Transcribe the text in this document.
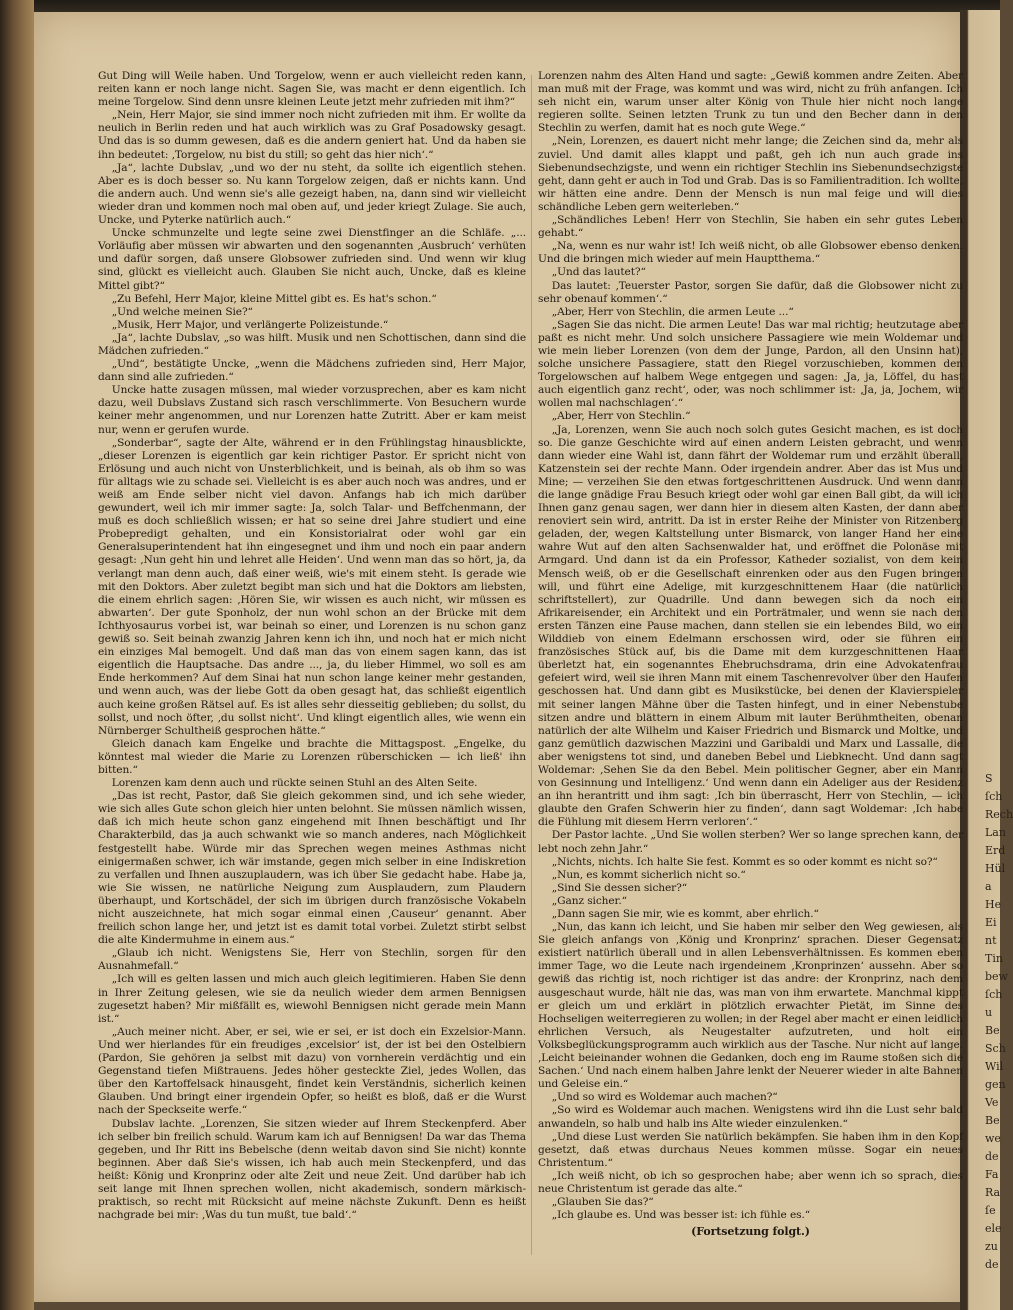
S
ſch
Rech
Lan
Erd
Hül
a
He
Ei
nt
Tin
bew
ſch
u
Be
Sch
Wil
gen
Ve
Be
we
de
Fa
Ra
ſe
ele
zu
de

Gut Ding will Weile haben. Und Torgelow, wenn er auch vielleicht reden kann, reiten kann er noch lange nicht. Sagen Sie, was macht er denn eigentlich. Ich meine Torgelow. Sind denn unsre kleinen Leute jetzt mehr zufrieden mit ihm?“

„Nein, Herr Major, sie sind immer noch nicht zufrieden mit ihm. Er wollte da neulich in Berlin reden und hat auch wirklich was zu Graf Posadowsky gesagt. Und das is so dumm gewesen, daß es die andern geniert hat. Und da haben sie ihn bedeutet: ‚Torgelow, nu bist du still; so geht das hier nich‘.“

„Ja“, lachte Dubslav, „und wo der nu steht, da sollte ich eigentlich stehen. Aber es is doch besser so. Nu kann Torgelow zeigen, daß er nichts kann. Und die andern auch. Und wenn sie's alle gezeigt haben, na, dann sind wir vielleicht wieder dran und kommen noch mal oben auf, und jeder kriegt Zulage. Sie auch, Uncke, und Pyterke natürlich auch.“

Uncke schmunzelte und legte seine zwei Dienstfinger an die Schläfe. „... Vorläufig aber müssen wir abwarten und den sogenannten ‚Ausbruch‘ verhüten und dafür sorgen, daß unsere Globsower zufrieden sind. Und wenn wir klug sind, glückt es vielleicht auch. Glauben Sie nicht auch, Uncke, daß es kleine Mittel gibt?“

„Zu Befehl, Herr Major, kleine Mittel gibt es. Es hat's schon.“

„Und welche meinen Sie?“

„Musik, Herr Major, und verlängerte Polizeistunde.“

„Ja“, lachte Dubslav, „so was hilft. Musik und nen Schottischen, dann sind die Mädchen zufrieden.“

„Und“, bestätigte Uncke, „wenn die Mädchens zufrieden sind, Herr Major, dann sind alle zufrieden.“

Uncke hatte zusagen müssen, mal wieder vorzusprechen, aber es kam nicht dazu, weil Dubslavs Zustand sich rasch verschlimmerte. Von Besuchern wurde keiner mehr angenommen, und nur Lorenzen hatte Zutritt. Aber er kam meist nur, wenn er gerufen wurde.

„Sonderbar“, sagte der Alte, während er in den Frühlingstag hinausblickte, „dieser Lorenzen is eigentlich gar kein richtiger Pastor. Er spricht nicht von Erlösung und auch nicht von Unsterblichkeit, und is beinah, als ob ihm so was für alltags wie zu schade sei. Vielleicht is es aber auch noch was andres, und er weiß am Ende selber nicht viel davon. Anfangs hab ich mich darüber gewundert, weil ich mir immer sagte: Ja, solch Talar- und Beffchenmann, der muß es doch schließlich wissen; er hat so seine drei Jahre studiert und eine Probepredigt gehalten, und ein Konsistorialrat oder wohl gar ein Generalsuperintendent hat ihn eingesegnet und ihm und noch ein paar andern gesagt: ‚Nun geht hin und lehret alle Heiden‘. Und wenn man das so hört, ja, da verlangt man denn auch, daß einer weiß, wie's mit einem steht. Is gerade wie mit den Doktors. Aber zuletzt begibt man sich und hat die Doktors am liebsten, die einem ehrlich sagen: ‚Hören Sie, wir wissen es auch nicht, wir müssen es abwarten‘. Der gute Sponholz, der nun wohl schon an der Brücke mit dem Ichthyosaurus vorbei ist, war beinah so einer, und Lorenzen is nu schon ganz gewiß so. Seit beinah zwanzig Jahren kenn ich ihn, und noch hat er mich nicht ein einziges Mal bemogelt. Und daß man das von einem sagen kann, das ist eigentlich die Hauptsache. Das andre ..., ja, du lieber Himmel, wo soll es am Ende herkommen? Auf dem Sinai hat nun schon lange keiner mehr gestanden, und wenn auch, was der liebe Gott da oben gesagt hat, das schließt eigentlich auch keine großen Rätsel auf. Es ist alles sehr diesseitig geblieben; du sollst, du sollst, und noch öfter, ‚du sollst nicht‘. Und klingt eigentlich alles, wie wenn ein Nürnberger Schultheiß gesprochen hätte.“

Gleich danach kam Engelke und brachte die Mittagspost. „Engelke, du könntest mal wieder die Marie zu Lorenzen rüberschicken — ich ließ' ihn bitten.“

Lorenzen kam denn auch und rückte seinen Stuhl an des Alten Seite.

„Das ist recht, Pastor, daß Sie gleich gekommen sind, und ich sehe wieder, wie sich alles Gute schon gleich hier unten belohnt. Sie müssen nämlich wissen, daß ich mich heute schon ganz eingehend mit Ihnen beschäftigt und Ihr Charakterbild, das ja auch schwankt wie so manch anderes, nach Möglichkeit festgestellt habe. Würde mir das Sprechen wegen meines Asthmas nicht einigermaßen schwer, ich wär imstande, gegen mich selber in eine Indiskretion zu verfallen und Ihnen auszuplaudern, was ich über Sie gedacht habe. Habe ja, wie Sie wissen, ne natürliche Neigung zum Ausplaudern, zum Plaudern überhaupt, und Kortschädel, der sich im übrigen durch französische Vokabeln nicht auszeichnete, hat mich sogar einmal einen ‚Causeur‘ genannt. Aber freilich schon lange her, und jetzt ist es damit total vorbei. Zuletzt stirbt selbst die alte Kindermuhme in einem aus.“

„Glaub ich nicht. Wenigstens Sie, Herr von Stechlin, sorgen für den Ausnahmefall.“

„Ich will es gelten lassen und mich auch gleich legitimieren. Haben Sie denn in Ihrer Zeitung gelesen, wie sie da neulich wieder dem armen Bennigsen zugesetzt haben? Mir mißfällt es, wiewohl Bennigsen nicht gerade mein Mann ist.“

„Auch meiner nicht. Aber, er sei, wie er sei, er ist doch ein Exzelsior-Mann. Und wer hierlandes für ein freudiges ‚excelsior‘ ist, der ist bei den Ostelbiern (Pardon, Sie gehören ja selbst mit dazu) von vornherein verdächtig und ein Gegenstand tiefen Mißtrauens. Jedes höher gesteckte Ziel, jedes Wollen, das über den Kartoffelsack hinausgeht, findet kein Verständnis, sicherlich keinen Glauben. Und bringt einer irgendein Opfer, so heißt es bloß, daß er die Wurst nach der Speckseite werfe.“

Dubslav lachte. „Lorenzen, Sie sitzen wieder auf Ihrem Steckenpferd. Aber ich selber bin freilich schuld. Warum kam ich auf Bennigsen! Da war das Thema gegeben, und Ihr Ritt ins Bebelsche (denn weitab davon sind Sie nicht) konnte beginnen. Aber daß Sie's wissen, ich hab auch mein Steckenpferd, und das heißt: König und Kronprinz oder alte Zeit und neue Zeit. Und darüber hab ich seit lange mit Ihnen sprechen wollen, nicht akademisch, sondern märkisch-praktisch, so recht mit Rücksicht auf meine nächste Zukunft. Denn es heißt nachgrade bei mir: ‚Was du tun mußt, tue bald‘.“

Lorenzen nahm des Alten Hand und sagte: „Gewiß kommen andre Zeiten. Aber man muß mit der Frage, was kommt und was wird, nicht zu früh anfangen. Ich seh nicht ein, warum unser alter König von Thule hier nicht noch lange regieren sollte. Seinen letzten Trunk zu tun und den Becher dann in den Stechlin zu werfen, damit hat es noch gute Wege.“

„Nein, Lorenzen, es dauert nicht mehr lange; die Zeichen sind da, mehr als zuviel. Und damit alles klappt und paßt, geh ich nun auch grade ins Siebenundsechzigste, und wenn ein richtiger Stechlin ins Siebenundsechzigste geht, dann geht er auch in Tod und Grab. Das is so Familientradition. Ich wollte, wir hätten eine andre. Denn der Mensch is nun mal feige und will dies schändliche Leben gern weiterleben.“

„Schändliches Leben! Herr von Stechlin, Sie haben ein sehr gutes Leben gehabt.“

„Na, wenn es nur wahr ist! Ich weiß nicht, ob alle Globsower ebenso denken. Und die bringen mich wieder auf mein Hauptthema.“

„Und das lautet?“

Das lautet: ‚Teuerster Pastor, sorgen Sie dafür, daß die Globsower nicht zu sehr obenauf kommen‘.“

„Aber, Herr von Stechlin, die armen Leute ...“

„Sagen Sie das nicht. Die armen Leute! Das war mal richtig; heutzutage aber paßt es nicht mehr. Und solch unsichere Passagiere wie mein Woldemar und wie mein lieber Lorenzen (von dem der Junge, Pardon, all den Unsinn hat), solche unsichere Passagiere, statt den Riegel vorzuschieben, kommen den Torgelowschen auf halbem Wege entgegen und sagen: ‚Ja, ja, Löffel, du hast auch eigentlich ganz recht‘, oder, was noch schlimmer ist: ‚Ja, ja, Jochem, wir wollen mal nachschlagen‘.“

„Aber, Herr von Stechlin.“

„Ja, Lorenzen, wenn Sie auch noch solch gutes Gesicht machen, es ist doch so. Die ganze Geschichte wird auf einen andern Leisten gebracht, und wenn dann wieder eine Wahl ist, dann fährt der Woldemar rum und erzählt überall, Katzenstein sei der rechte Mann. Oder irgendein andrer. Aber das ist Mus und Mine; — verzeihen Sie den etwas fortgeschrittenen Ausdruck. Und wenn dann die lange gnädige Frau Besuch kriegt oder wohl gar einen Ball gibt, da will ich Ihnen ganz genau sagen, wer dann hier in diesem alten Kasten, der dann aber renoviert sein wird, antritt. Da ist in erster Reihe der Minister von Ritzenberg geladen, der, wegen Kaltstellung unter Bismarck, von langer Hand her eine wahre Wut auf den alten Sachsenwalder hat, und eröffnet die Polonäse mit Armgard. Und dann ist da ein Professor, Katheder sozialist, von dem kein Mensch weiß, ob er die Gesellschaft einrenken oder aus den Fugen bringen will, und führt eine Adelige, mit kurzgeschnittenem Haar (die natürlich schriftstellert), zur Quadrille. Und dann bewegen sich da noch ein Afrikareisender, ein Architekt und ein Porträtmaler, und wenn sie nach den ersten Tänzen eine Pause machen, dann stellen sie ein lebendes Bild, wo ein Wilddieb von einem Edelmann erschossen wird, oder sie führen ein französisches Stück auf, bis die Dame mit dem kurzgeschnittenen Haar überletzt hat, ein sogenanntes Ehebruchsdrama, drin eine Advokatenfrau gefeiert wird, weil sie ihren Mann mit einem Taschenrevolver über den Haufen geschossen hat. Und dann gibt es Musikstücke, bei denen der Klavierspieler mit seiner langen Mähne über die Tasten hinfegt, und in einer Nebenstube sitzen andre und blättern in einem Album mit lauter Berühmtheiten, obenan natürlich der alte Wilhelm und Kaiser Friedrich und Bismarck und Moltke, und ganz gemütlich dazwischen Mazzini und Garibaldi und Marx und Lassalle, die aber wenigstens tot sind, und daneben Bebel und Liebknecht. Und dann sagt Woldemar: ‚Sehen Sie da den Bebel. Mein politischer Gegner, aber ein Mann von Gesinnung und Intelligenz.‘ Und wenn dann ein Adeliger aus der Residenz an ihn herantritt und ihm sagt: ‚Ich bin überrascht, Herr von Stechlin, — ich glaubte den Grafen Schwerin hier zu finden‘, dann sagt Woldemar: ‚Ich habe die Fühlung mit diesem Herrn verloren‘.“

Der Pastor lachte. „Und Sie wollen sterben? Wer so lange sprechen kann, der lebt noch zehn Jahr.“

„Nichts, nichts. Ich halte Sie fest. Kommt es so oder kommt es nicht so?“

„Nun, es kommt sicherlich nicht so.“

„Sind Sie dessen sicher?“

„Ganz sicher.“

„Dann sagen Sie mir, wie es kommt, aber ehrlich.“

„Nun, das kann ich leicht, und Sie haben mir selber den Weg gewiesen, als Sie gleich anfangs von ‚König und Kronprinz‘ sprachen. Dieser Gegensatz existiert natürlich überall und in allen Lebensverhältnissen. Es kommen eben immer Tage, wo die Leute nach irgendeinem ‚Kronprinzen‘ aussehn. Aber so gewiß das richtig ist, noch richtiger ist das andre: der Kronprinz, nach dem ausgeschaut wurde, hält nie das, was man von ihm erwartete. Manchmal kippt er gleich um und erklärt in plötzlich erwachter Pietät, im Sinne des Hochseligen weiterregieren zu wollen; in der Regel aber macht er einen leidlich ehrlichen Versuch, als Neugestalter aufzutreten, und holt ein Volksbeglückungsprogramm auch wirklich aus der Tasche. Nur nicht auf lange. ‚Leicht beieinander wohnen die Gedanken, doch eng im Raume stoßen sich die Sachen.‘ Und nach einem halben Jahre lenkt der Neuerer wieder in alte Bahnen und Geleise ein.“

„Und so wird es Woldemar auch machen?“

„So wird es Woldemar auch machen. Wenigstens wird ihn die Lust sehr bald anwandeln, so halb und halb ins Alte wieder einzulenken.“

„Und diese Lust werden Sie natürlich bekämpfen. Sie haben ihm in den Kopf gesetzt, daß etwas durchaus Neues kommen müsse. Sogar ein neues Christentum.“

„Ich weiß nicht, ob ich so gesprochen habe; aber wenn ich so sprach, dies neue Christentum ist gerade das alte.“

„Glauben Sie das?“

„Ich glaube es. Und was besser ist: ich fühle es.“

(Fortsetzung folgt.)
